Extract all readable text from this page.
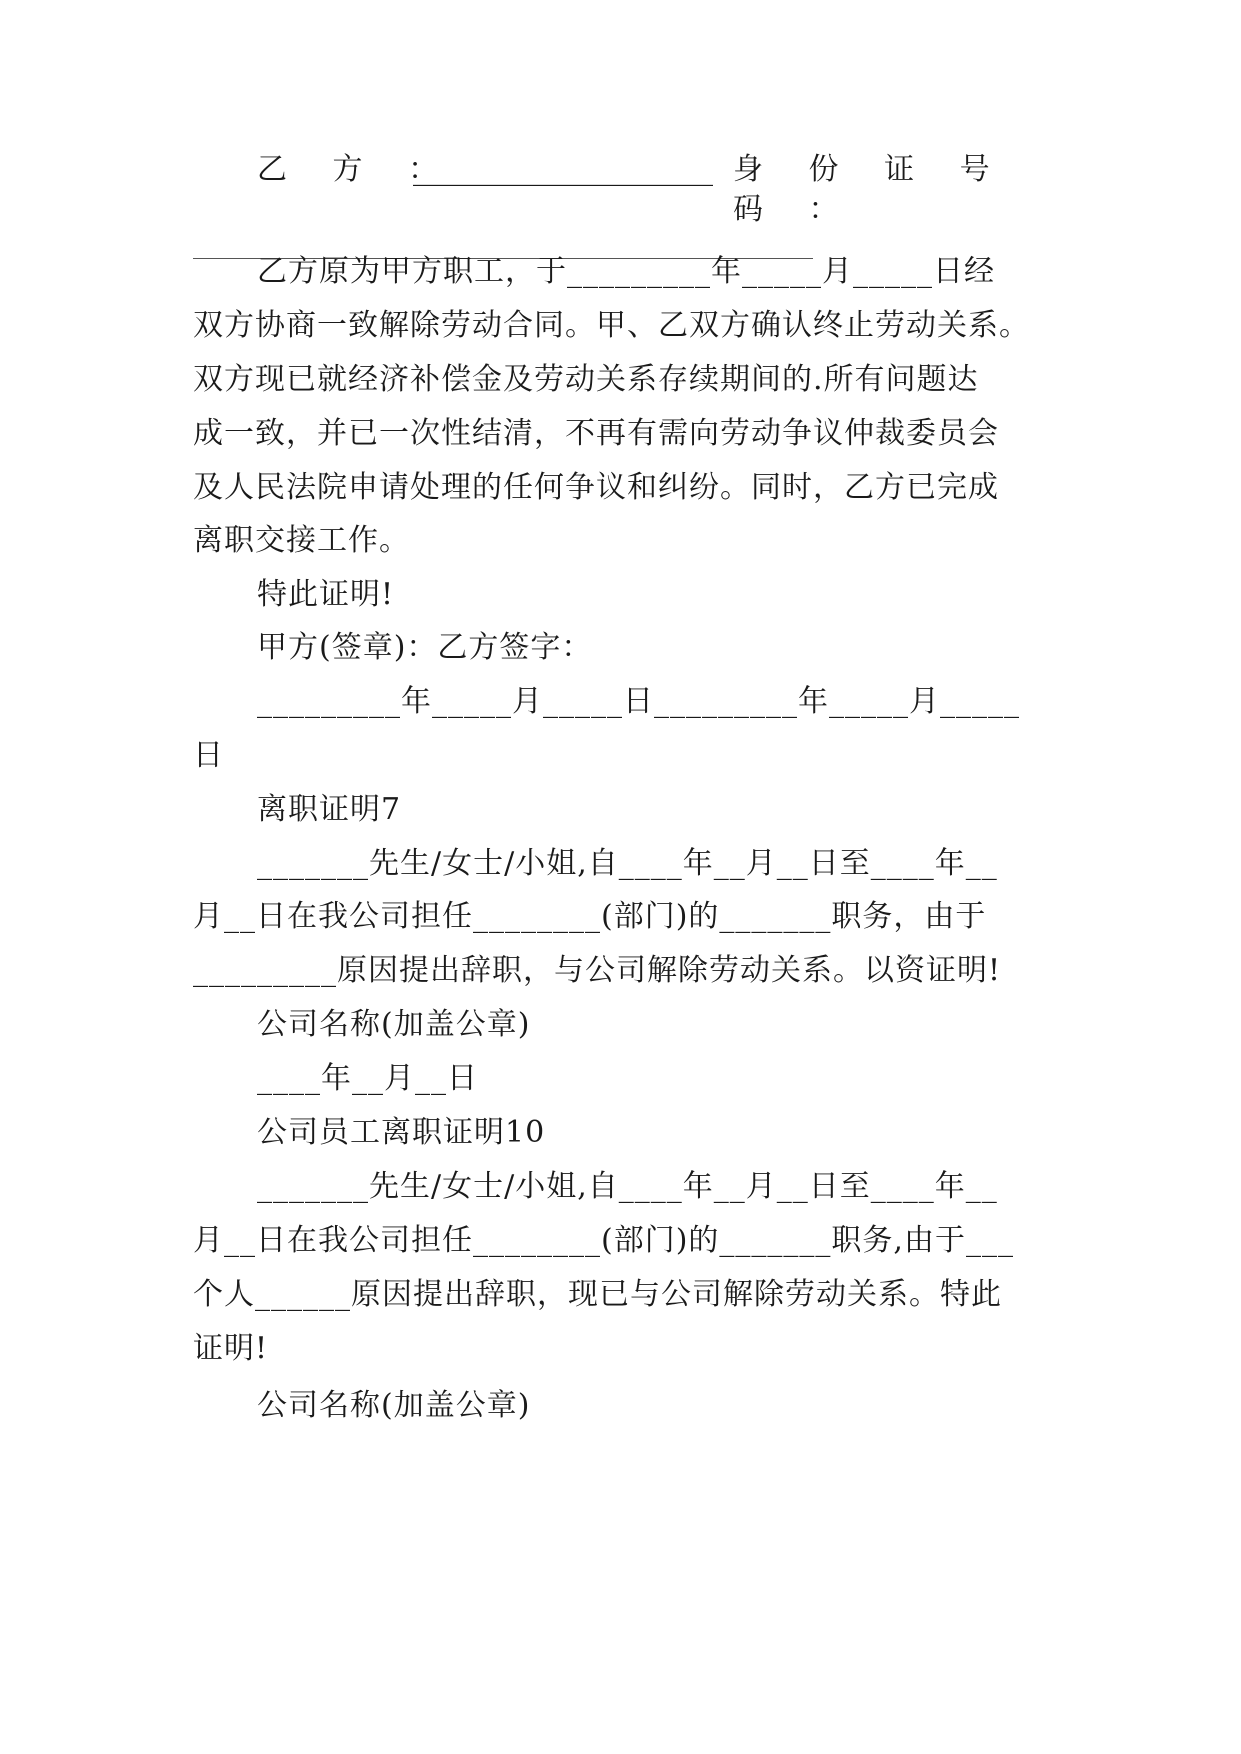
乙 方 ：
____________________ 身 份 证 号 码 ：

乙方原为甲方职工，于_________年_____月_____日经

双方协商一致解除劳动合同。甲、乙双方确认终止劳动关系。

双方现已就经济补偿金及劳动关系存续期间的.所有问题达

成一致，并已一次性结清，不再有需向劳动争议仲裁委员会

及人民法院申请处理的任何争议和纠纷。同时，乙方已完成

离职交接工作。

特此证明!

甲方(签章)：乙方签字：

_________年_____月_____日_________年_____月_____

日

离职证明7

_______先生/女士/小姐,自____年__月__日至____年__

月__日在我公司担任________(部门)的_______职务，由于

_________原因提出辞职，与公司解除劳动关系。以资证明!

公司名称(加盖公章)

____年__月__日

公司员工离职证明10

_______先生/女士/小姐,自____年__月__日至____年__

月__日在我公司担任________(部门)的_______职务,由于___

个人______原因提出辞职，现已与公司解除劳动关系。特此

证明!

公司名称(加盖公章)
